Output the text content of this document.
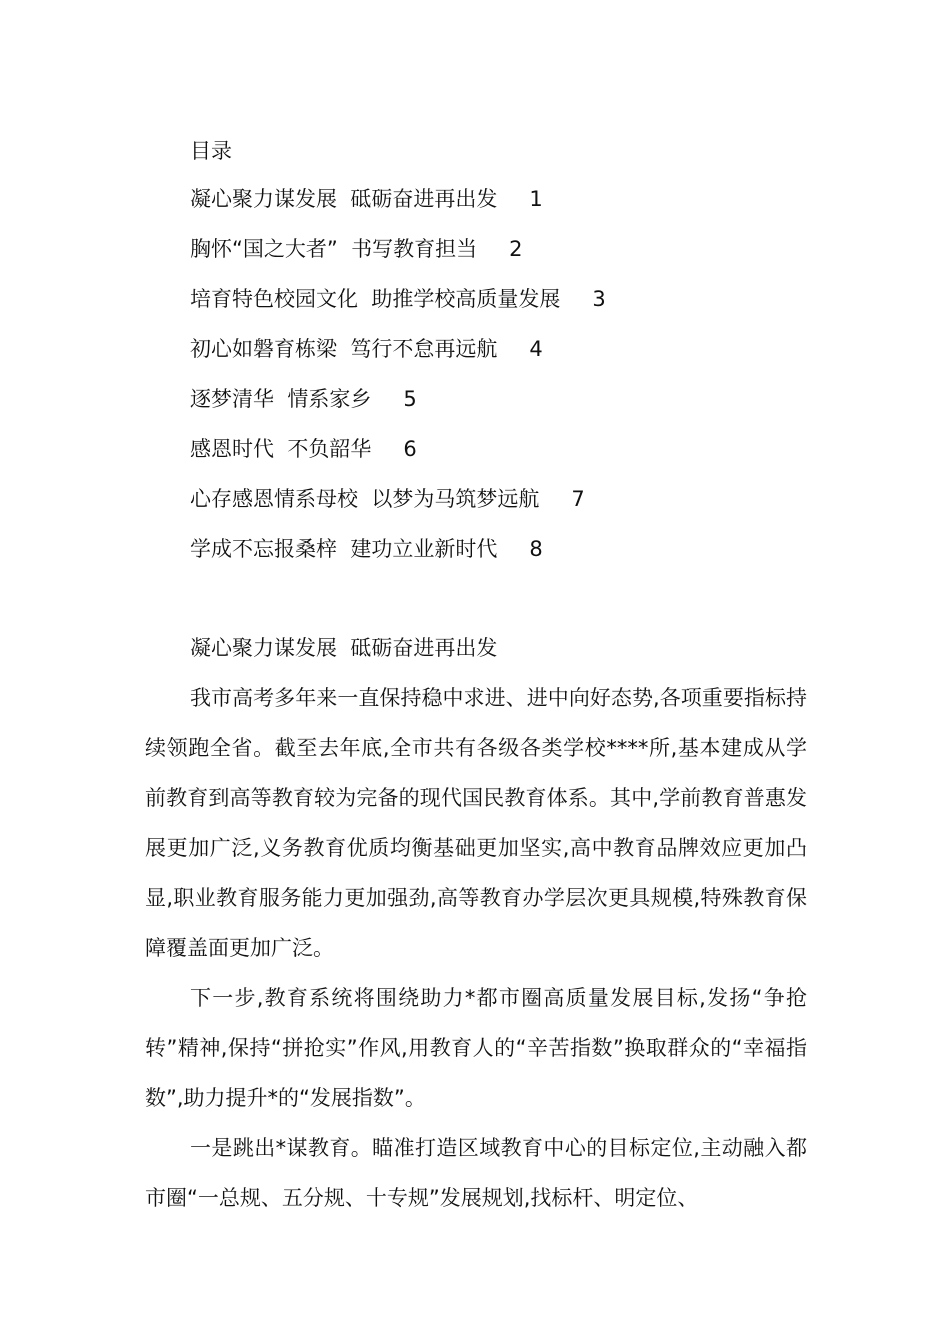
目录
凝心聚力谋发展  砥砺奋进再出发 1
胸怀“国之大者”  书写教育担当 2
培育特色校园文化  助推学校高质量发展 3
初心如磐育栋梁  笃行不怠再远航 4
逐梦清华  情系家乡 5
感恩时代  不负韶华 6
心存感恩情系母校  以梦为马筑梦远航 7
学成不忘报桑梓  建功立业新时代 8
凝心聚力谋发展  砥砺奋进再出发

我市高考多年来一直保持稳中求进、进中向好态势,各项重要指标持续领跑全省。截至去年底,全市共有各级各类学校****所,基本建成从学前教育到高等教育较为完备的现代国民教育体系。其中,学前教育普惠发展更加广泛,义务教育优质均衡基础更加坚实,高中教育品牌效应更加凸显,职业教育服务能力更加强劲,高等教育办学层次更具规模,特殊教育保障覆盖面更加广泛。

下一步,教育系统将围绕助力*都市圈高质量发展目标,发扬“争抢转”精神,保持“拼抢实”作风,用教育人的“辛苦指数”换取群众的“幸福指数”,助力提升*的“发展指数”。

一是跳出*谋教育。瞄准打造区域教育中心的目标定位,主动融入都市圈“一总规、五分规、十专规”发展规划,找标杆、明定位、
